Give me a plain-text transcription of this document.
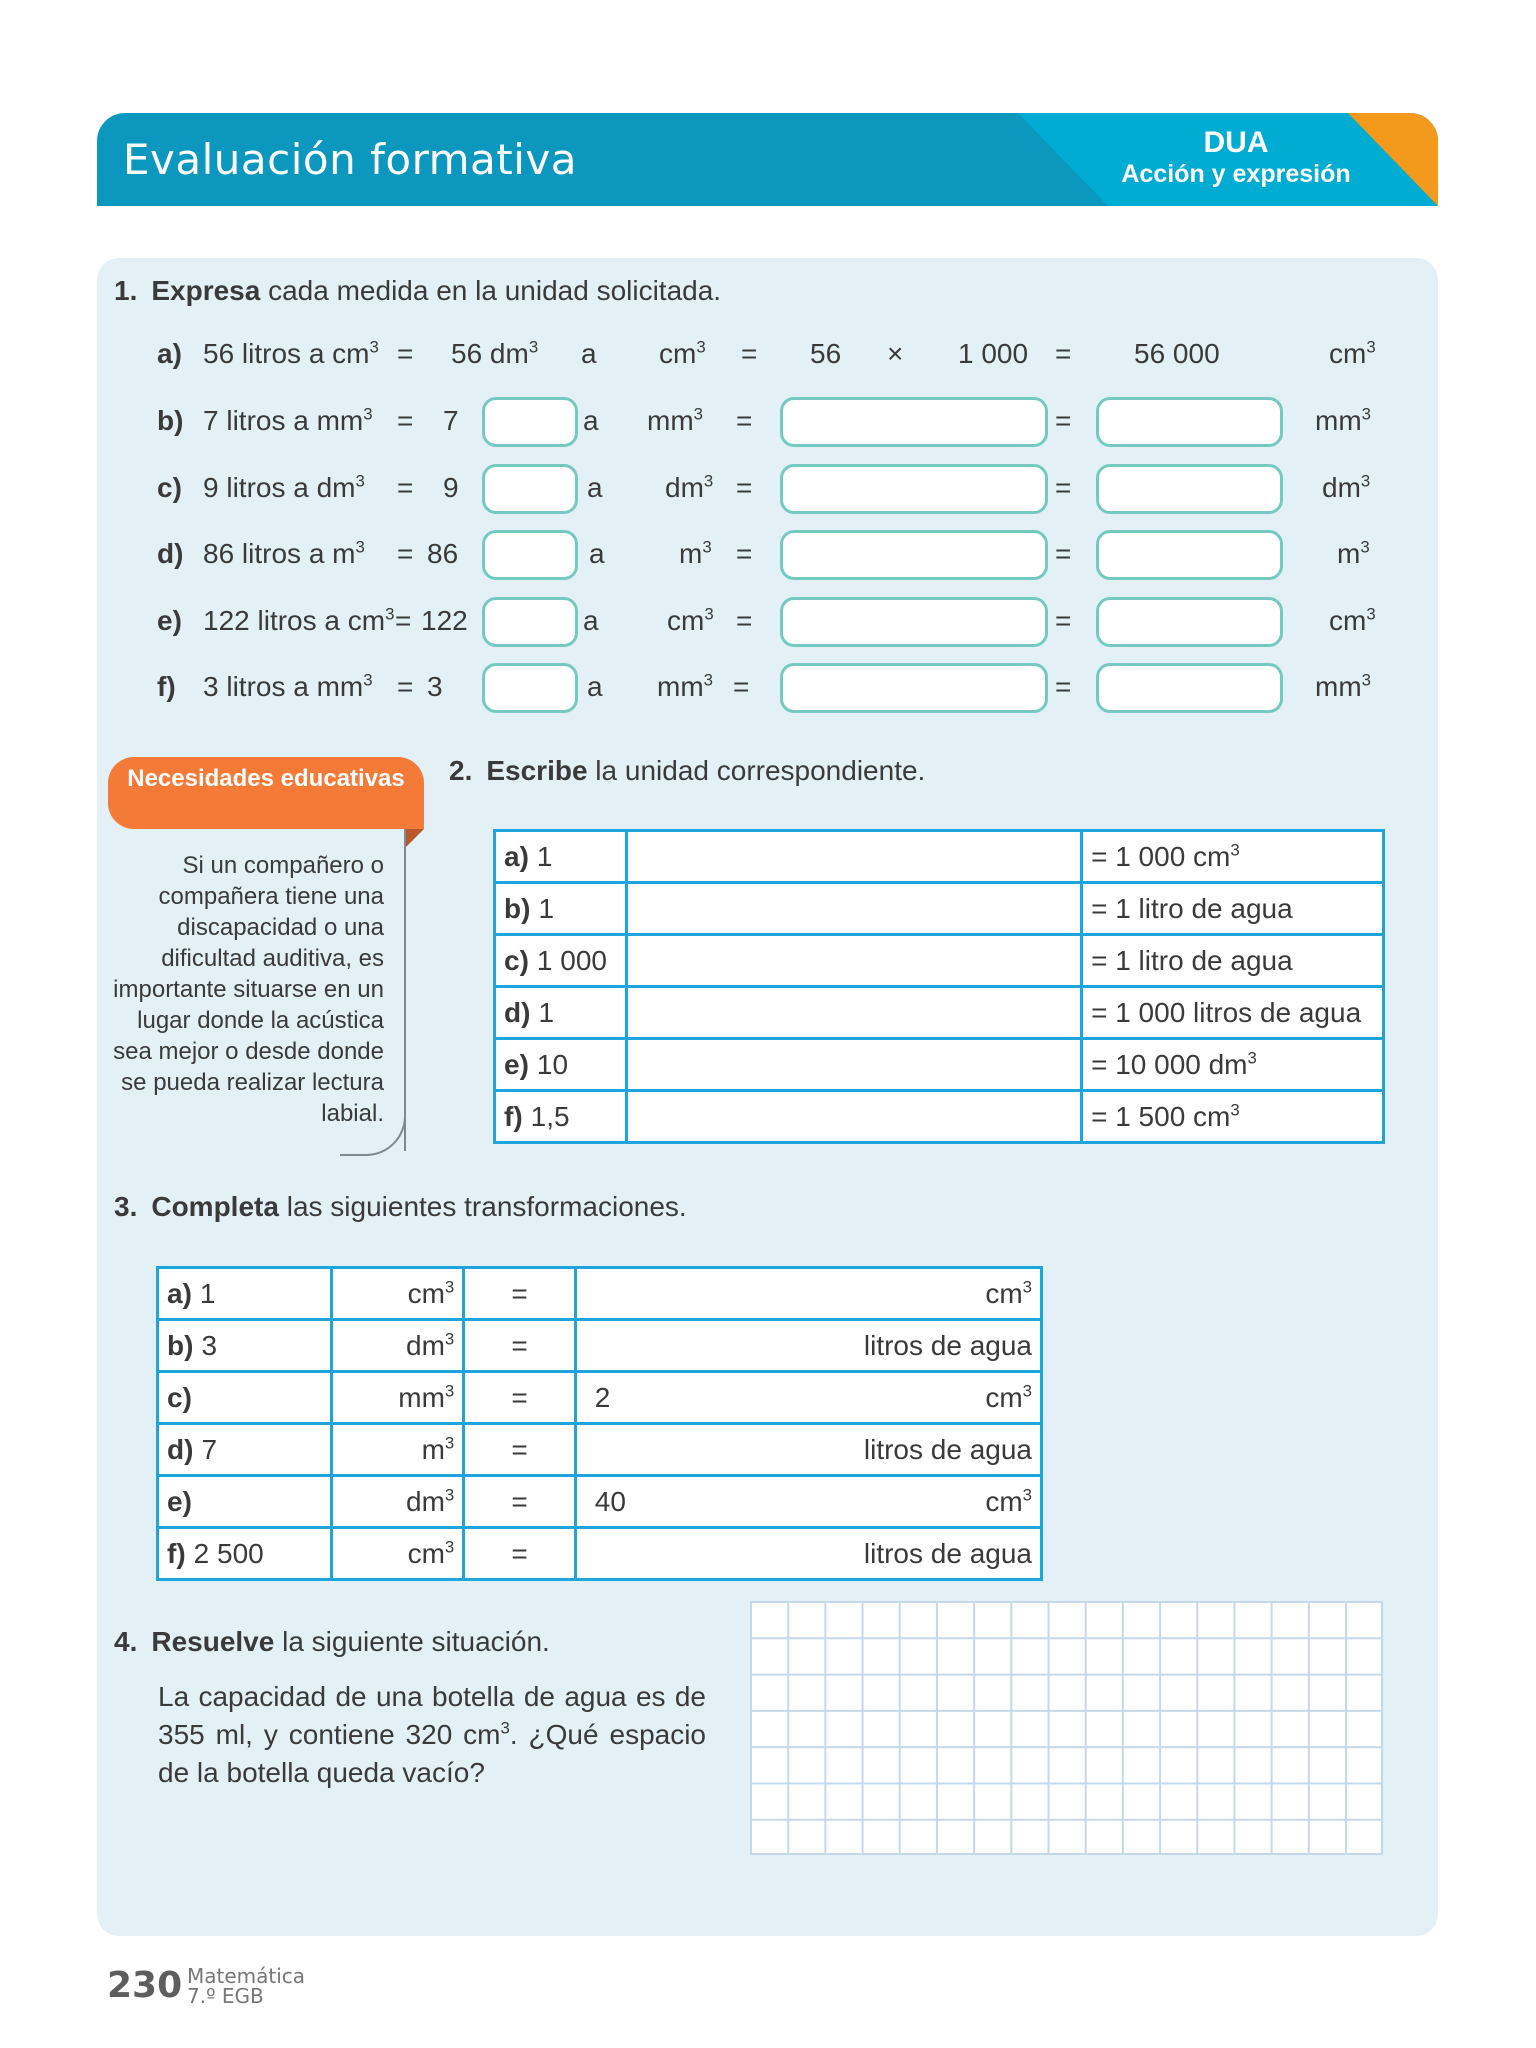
Evaluación formativa	DUA
Acción y expresión
1. Expresa cada medida en la unidad solicitada.
a) 56 litros a $cm^3 = 56$ $dm^3$ a $cm^3 = 56 \times 1$ 000 = 56 000	$cm^3$
b) 7 litros a $mm^3 = 7$	a $mm^3$ =	=	$mm^3$
c) 9 litros a $dm^3 = 9$	a $dm^3$ =	=	$dm^3$
d) 86 litros a $m^3 = 86$	a	$m^3$ =	=	$m^3$
e) 122 litros a $cm^3 = 122$	a $cm^3$ =	=	$cm^3$
f) 3 litros a $mm^3 = 3$	a $mm^3$ =	=	$mm^3$
2. Escribe la unidad correspondiente.
3. Completa las siguientes transformaciones.
4. Resuelve la siguiente situación.
Necesidades educativas
Si un compañero o compañera tiene una discapacidad o una dificultad auditiva, es importante situarse en un lugar donde la acústica sea mejor o desde donde se pueda realizar lectura labial.
a) 1		= 1 000 $cm^3$
b) 1		= 1 litro de agua
c) 1 000		= 1 litro de agua
d) 1		= 1 000 litros de agua
e) 10		= 10 000 $dm^3$
f) 1,5		= 1 500 $cm^3$
a) 1	$cm^3$	=	$cm^3$

b) 3	$dm^3$	=	litros de agua

c)	$mm^3$	=	2 $cm^3$

d) 7	$m^3$	=	litros de agua

e)	$dm^3$	=	40 $cm^3$

f) 2 500	$cm^3$	=	litros de agua
La capacidad de una botella de agua es de 355 ml, y contiene 320 $cm^3$. ¿Qué espacio de la botella queda vacío?
230 Matemática
7.º EGB
